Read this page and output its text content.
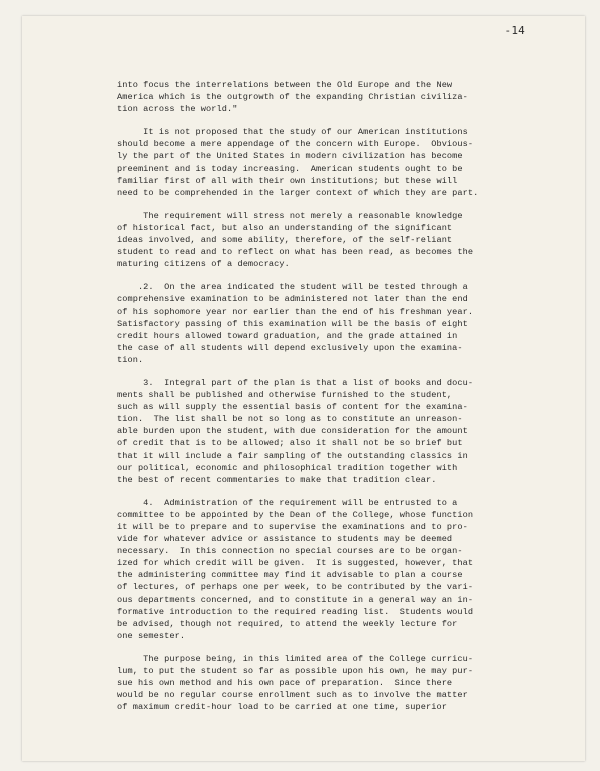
-14
into focus the interrelations between the Old Europe and the New
America which is the outgrowth of the expanding Christian civiliza-
tion across the world."
It is not proposed that the study of our American institutions
should become a mere appendage of the concern with Europe.  Obvious-
ly the part of the United States in modern civilization has become
preeminent and is today increasing.  American students ought to be
familiar first of all with their own institutions; but these will
need to be comprehended in the larger context of which they are part.
The requirement will stress not merely a reasonable knowledge
of historical fact, but also an understanding of the significant
ideas involved, and some ability, therefore, of the self-reliant
student to read and to reflect on what has been read, as becomes the
maturing citizens of a democracy.
.2.  On the area indicated the student will be tested through a
comprehensive examination to be administered not later than the end
of his sophomore year nor earlier than the end of his freshman year.
Satisfactory passing of this examination will be the basis of eight
credit hours allowed toward graduation, and the grade attained in
the case of all students will depend exclusively upon the examina-
tion.
3.  Integral part of the plan is that a list of books and docu-
ments shall be published and otherwise furnished to the student,
such as will supply the essential basis of content for the examina-
tion.  The list shall be not so long as to constitute an unreason-
able burden upon the student, with due consideration for the amount
of credit that is to be allowed; also it shall not be so brief but
that it will include a fair sampling of the outstanding classics in
our political, economic and philosophical tradition together with
the best of recent commentaries to make that tradition clear.
4.  Administration of the requirement will be entrusted to a
committee to be appointed by the Dean of the College, whose function
it will be to prepare and to supervise the examinations and to pro-
vide for whatever advice or assistance to students may be deemed
necessary.  In this connection no special courses are to be organ-
ized for which credit will be given.  It is suggested, however, that
the administering committee may find it advisable to plan a course
of lectures, of perhaps one per week, to be contributed by the vari-
ous departments concerned, and to constitute in a general way an in-
formative introduction to the required reading list.  Students would
be advised, though not required, to attend the weekly lecture for
one semester.
The purpose being, in this limited area of the College curricu-
lum, to put the student so far as possible upon his own, he may pur-
sue his own method and his own pace of preparation.  Since there
would be no regular course enrollment such as to involve the matter
of maximum credit-hour load to be carried at one time, superior
